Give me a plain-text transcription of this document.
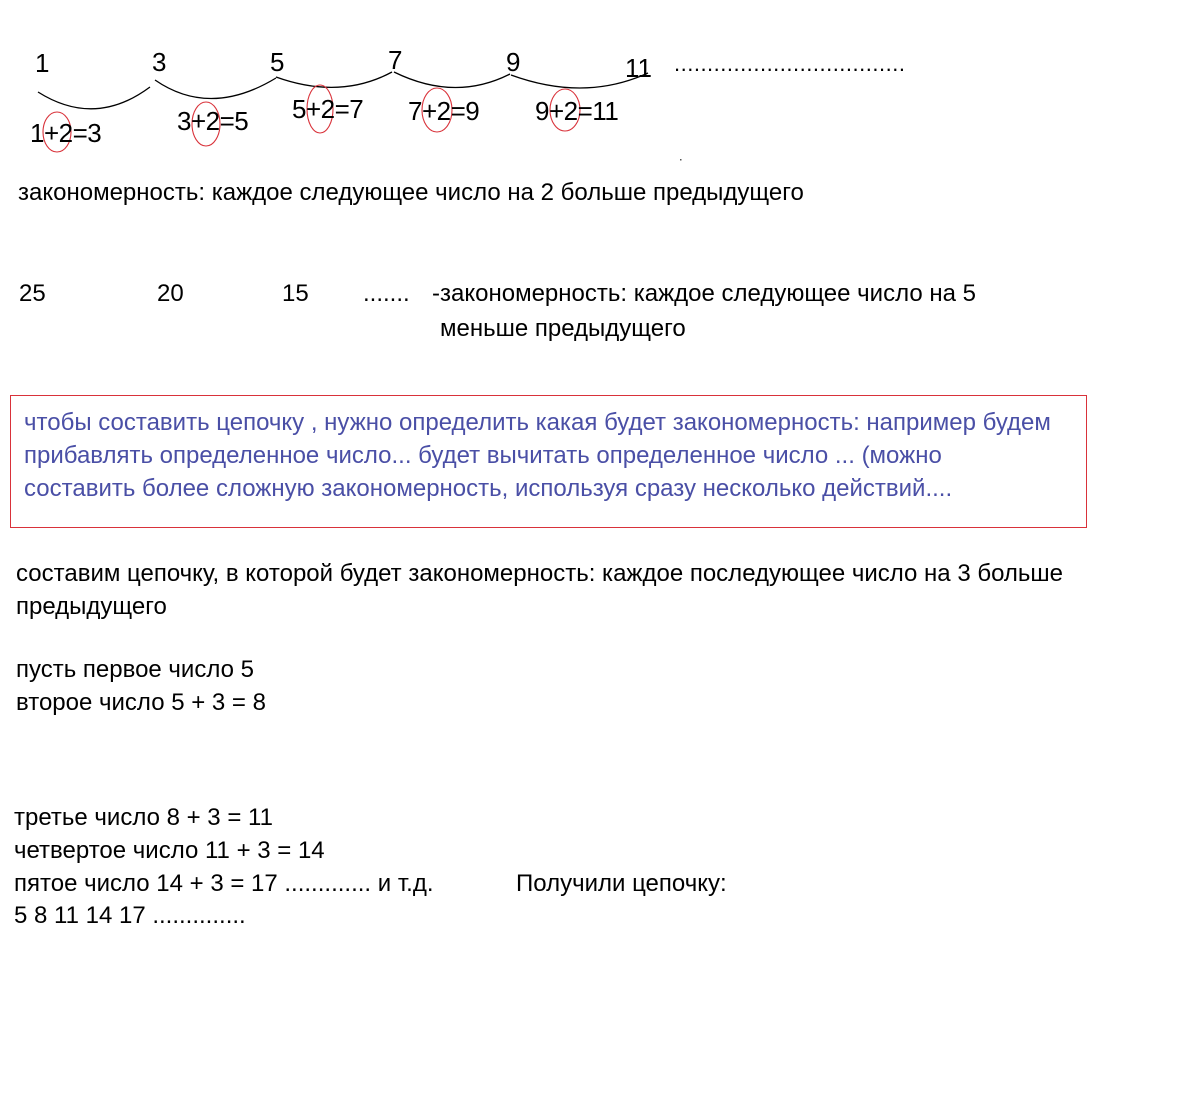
1	3	5	7	9	11 ...................................
1+2=3	3+2=5 5+2=7 7+2=9 9+2=11
закономерность: каждое следующее число на 2 больше предыдущего
25	20	15 ....... -закономерность: каждое следующее число на 5
меньше предыдущего
чтобы составить цепочку , нужно определить какая будет закономерность: например будем
прибавлять определенное число... будет вычитать определенное число ... (можно
составить более сложную закономерность, используя сразу несколько действий....
составим цепочку, в которой будет закономерность: каждое последующее число на 3 больше
предыдущего
пусть первое число 5
второе число 5 + 3 = 8
третье число 8 + 3 = 11
четвертое число 11 + 3 = 14
пятое число 14 + 3 = 17 ............. и т.д.	Получили цепочку:
5 8 11 14 17 ..............
